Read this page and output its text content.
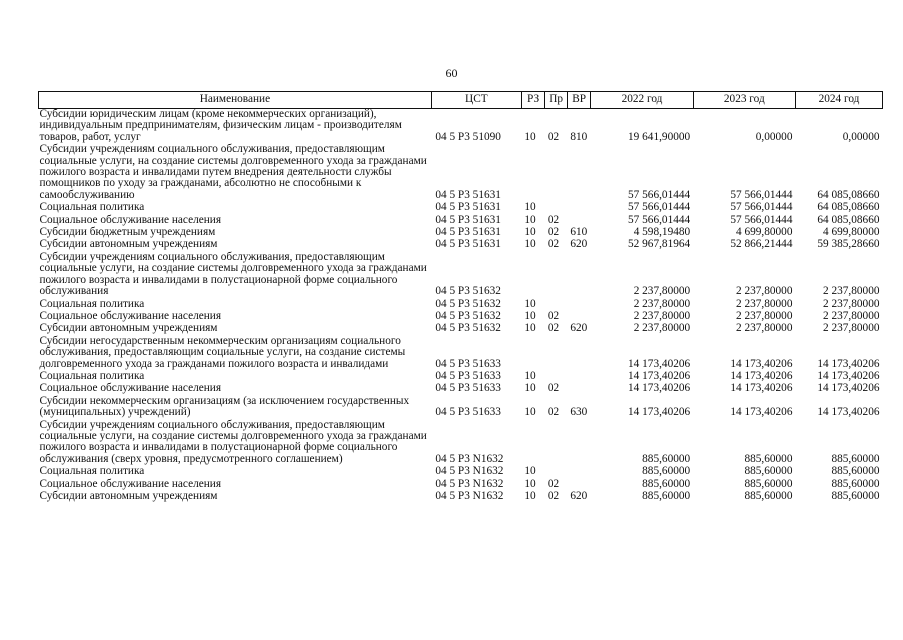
60
Наименование	ЦСТ	РЗ	Пр	ВР	2022 год	2023 год	2024 год
Субсидии юридическим лицам (кроме некоммерческих организаций), индивидуальным предпринимателям, физическим лицам - производителям товаров, работ, услуг	04 5 Р3 51090	10	02	810	19 641,90000	0,00000	0,00000
Субсидии учреждениям социального обслуживания, предоставляющим социальные услуги, на создание системы долговременного ухода за гражданами пожилого возраста и инвалидами путем внедрения деятельности службы помощников по уходу за гражданами, абсолютно не способными к самообслуживанию	04 5 Р3 51631				57 566,01444	57 566,01444	64 085,08660
Социальная политика	04 5 Р3 51631	10			57 566,01444	57 566,01444	64 085,08660
Социальное обслуживание населения	04 5 Р3 51631	10	02		57 566,01444	57 566,01444	64 085,08660
Субсидии бюджетным учреждениям	04 5 Р3 51631	10	02	610	4 598,19480	4 699,80000	4 699,80000
Субсидии автономным учреждениям	04 5 Р3 51631	10	02	620	52 967,81964	52 866,21444	59 385,28660
Субсидии учреждениям социального обслуживания, предоставляющим социальные услуги, на создание системы долговременного ухода за гражданами пожилого возраста и инвалидами в полустационарной форме социального обслуживания	04 5 Р3 51632				2 237,80000	2 237,80000	2 237,80000
Социальная политика	04 5 Р3 51632	10			2 237,80000	2 237,80000	2 237,80000
Социальное обслуживание населения	04 5 Р3 51632	10	02		2 237,80000	2 237,80000	2 237,80000
Субсидии автономным учреждениям	04 5 Р3 51632	10	02	620	2 237,80000	2 237,80000	2 237,80000
Субсидии негосударственным некоммерческим организациям социального обслуживания, предоставляющим социальные услуги, на создание системы долговременного ухода за гражданами пожилого возраста и инвалидами	04 5 Р3 51633				14 173,40206	14 173,40206	14 173,40206
Социальная политика	04 5 Р3 51633	10			14 173,40206	14 173,40206	14 173,40206
Социальное обслуживание населения	04 5 Р3 51633	10	02		14 173,40206	14 173,40206	14 173,40206
Субсидии некоммерческим организациям (за исключением государственных (муниципальных) учреждений)	04 5 Р3 51633	10	02	630	14 173,40206	14 173,40206	14 173,40206
Субсидии учреждениям социального обслуживания, предоставляющим социальные услуги, на создание системы долговременного ухода за гражданами пожилого возраста и инвалидами в полустационарной форме социального обслуживания (сверх уровня, предусмотренного соглашением)	04 5 Р3 N1632				885,60000	885,60000	885,60000
Социальная политика	04 5 Р3 N1632	10			885,60000	885,60000	885,60000
Социальное обслуживание населения	04 5 Р3 N1632	10	02		885,60000	885,60000	885,60000
Субсидии автономным учреждениям	04 5 Р3 N1632	10	02	620	885,60000	885,60000	885,60000
